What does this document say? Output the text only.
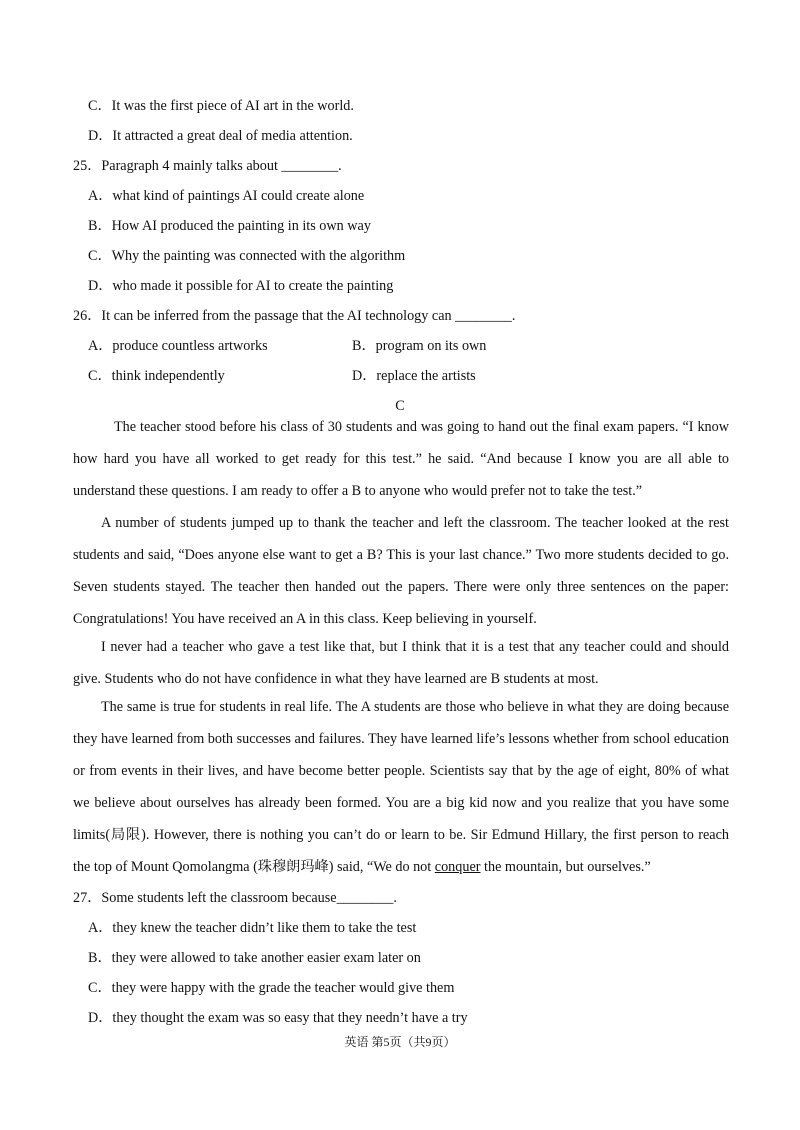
C．It was the first piece of AI art in the world.
D．It attracted a great deal of media attention.
25．Paragraph 4 mainly talks about ________.
A．what kind of paintings AI could create alone
B．How AI produced the painting in its own way
C．Why the painting was connected with the algorithm
D．who made it possible for AI to create the painting
26．It can be inferred from the passage that the AI technology can ________.
A．produce countless artworks	B．program on its own
C．think independently	D．replace the artists
C
The teacher stood before his class of 30 students and was going to hand out the final exam papers. “I know how hard you have all worked to get ready for this test.” he said. “And because I know you are all able to understand these questions. I am ready to offer a B to anyone who would prefer not to take the test.”
A number of students jumped up to thank the teacher and left the classroom. The teacher looked at the rest students and said, “Does anyone else want to get a B? This is your last chance.” Two more students decided to go. Seven students stayed. The teacher then handed out the papers. There were only three sentences on the paper: Congratulations! You have received an A in this class. Keep believing in yourself.
I never had a teacher who gave a test like that, but I think that it is a test that any teacher could and should give. Students who do not have confidence in what they have learned are B students at most.
The same is true for students in real life. The A students are those who believe in what they are doing because they have learned from both successes and failures. They have learned life’s lessons whether from school education or from events in their lives, and have become better people. Scientists say that by the age of eight, 80% of what we believe about ourselves has already been formed. You are a big kid now and you realize that you have some limits(局限). However, there is nothing you can’t do or learn to be. Sir Edmund Hillary, the first person to reach the top of Mount Qomolangma (珠穆朗玛峰) said, “We do not conquer the mountain, but ourselves.”
27．Some students left the classroom because________.
A．they knew the teacher didn’t like them to take the test
B．they were allowed to take another easier exam later on
C．they were happy with the grade the teacher would give them
D．they thought the exam was so easy that they needn’t have a try
英语 第5页（共9页）
